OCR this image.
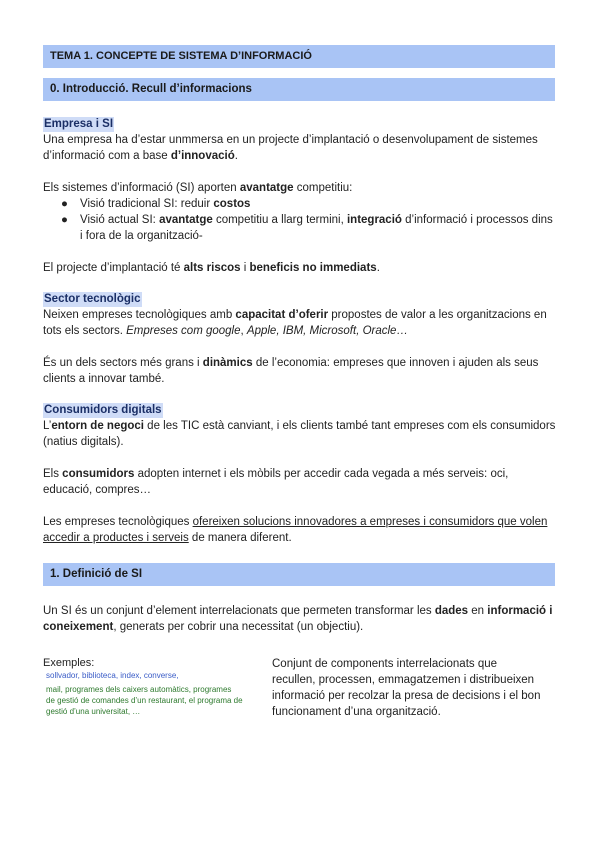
TEMA 1. CONCEPTE DE SISTEMA D’INFORMACIÓ
0. Introducció. Recull d’informacions
Empresa i SI
Una empresa ha d’estar unmmersa en un projecte d’implantació o desenvolupament de sistemes d’informació com a base d’innovació.
Els sistemes d’informació (SI) aporten avantatge competitiu:
● Visió tradicional SI: reduir costos
● Visió actual SI: avantatge competitiu a llarg termini, integració d’informació i processos dins i fora de la organització-
El projecte d’implantació té alts riscos i beneficis no immediats.
Sector tecnològic
Neixen empreses tecnològiques amb capacitat d’oferir propostes de valor a les organitzacions en tots els sectors. Empreses com google, Apple, IBM, Microsoft, Oracle…
És un dels sectors més grans i dinàmics de l’economia: empreses que innoven i ajuden als seus clients a innovar també.
Consumidors digitals
L’entorn de negoci de les TIC està canviant, i els clients també tant empreses com els consumidors (natius digitals).
Els consumidors adopten internet i els mòbils per accedir cada vegada a més serveis: oci, educació, compres…
Les empreses tecnològiques ofereixen solucions innovadores a empreses i consumidors que volen accedir a productes i serveis de manera diferent.
1. Definició de SI
Un SI és un conjunt d’element interrelacionats que permeten transformar les dades en informació i coneixement, generats per cobrir una necessitat (un objectiu).
Exemples:
sollvador, biblioteca, index, converse,
mail, programes dels caixers automàtics, programes
de gestió de comandes d’un restaurant, el programa de
gestió d’una universitat, …
Conjunt de components interrelacionats que recullen, processen, emmagatzemen i distribueixen informació per recolzar la presa de decisions i el bon funcionament d’una organització.
